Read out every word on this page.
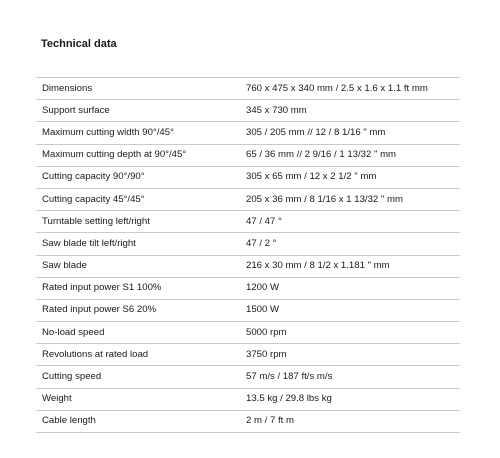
Technical data
Dimensions	760 x 475 x 340 mm / 2.5 x 1.6 x 1.1 ft mm
Support surface	345 x 730 mm
Maximum cutting width 90°/45°	305 / 205 mm // 12 / 8 1/16 " mm
Maximum cutting depth at 90°/45°	65 / 36 mm // 2 9/16 / 1 13/32 " mm
Cutting capacity 90°/90°	305 x 65 mm / 12 x 2 1/2 " mm
Cutting capacity 45°/45°	205 x 36 mm / 8 1/16 x 1 13/32 " mm
Turntable setting left/right	47 / 47 °
Saw blade tilt left/right	47 / 2 °
Saw blade	216 x 30 mm / 8 1/2 x 1.181 " mm
Rated input power S1 100%	1200 W
Rated input power S6 20%	1500 W
No-load speed	5000 rpm
Revolutions at rated load	3750 rpm
Cutting speed	57 m/s / 187 ft/s m/s
Weight	13.5 kg / 29.8 lbs kg
Cable length	2 m / 7 ft m
